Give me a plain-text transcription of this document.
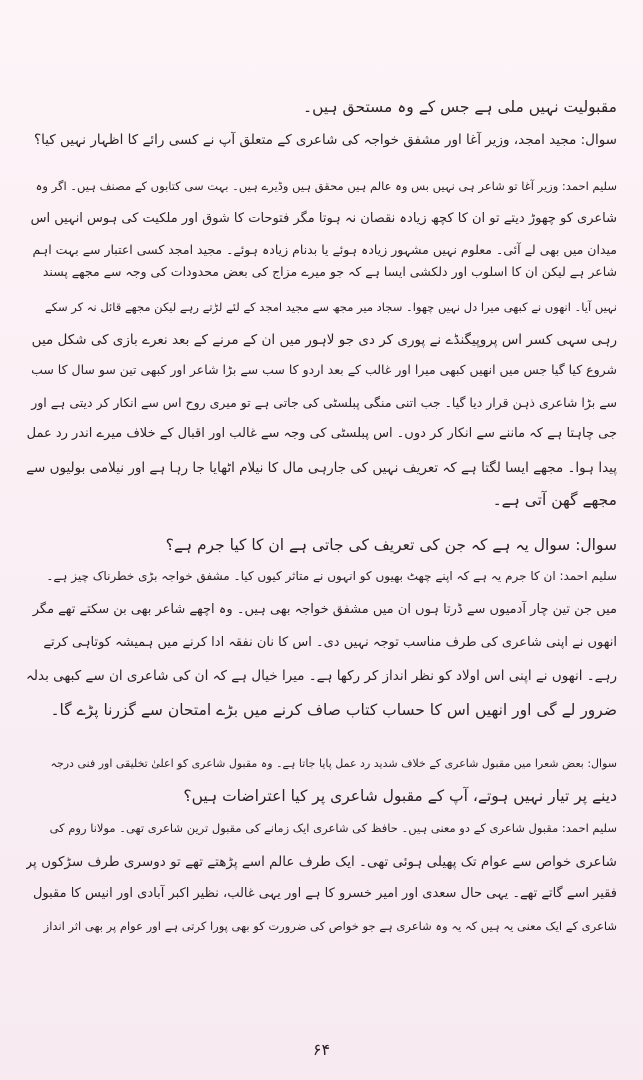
مقبولیت نہیں ملی ہے جس کے وہ مستحق ہیں۔
سوال: مجید امجد، وزیر آغا اور مشفق خواجہ کی شاعری کے متعلق آپ نے کسی رائے کا اظہار نہیں کیا؟
سلیم احمد: وزیر آغا تو شاعر ہی نہیں بس وہ عالم ہیں محقق ہیں وڈیرے ہیں۔ بہت سی کتابوں کے مصنف ہیں۔ اگر وہ
شاعری کو چھوڑ دیتے تو ان کا کچھ زیادہ نقصان نہ ہوتا مگر فتوحات کا شوق اور ملکیت کی ہوس انہیں اس
میدان میں بھی لے آئی۔ معلوم نہیں مشہور زیادہ ہوئے یا بدنام زیادہ ہوئے۔ مجید امجد کسی اعتبار سے بہت اہم
شاعر ہے لیکن ان کا اسلوب اور دلکشی ایسا ہے کہ جو میرے مزاج کی بعض محدودات کی وجہ سے مجھے پسند
نہیں آیا۔ انھوں نے کبھی میرا دل نہیں چھوا۔ سجاد میر مجھ سے مجید امجد کے لئے لڑتے رہے لیکن مجھے قائل نہ کر سکے
رہی سہی کسر اس پروپیگنڈے نے پوری کر دی جو لاہور میں ان کے مرنے کے بعد نعرے بازی کی شکل میں
شروع کیا گیا جس میں انھیں کبھی میرا اور غالب کے بعد اردو کا سب سے بڑا شاعر اور کبھی تین سو سال کا سب
سے بڑا شاعری ذہن قرار دیا گیا۔ جب اتنی منگی پبلسٹی کی جاتی ہے تو میری روح اس سے انکار کر دیتی ہے اور
جی چاہتا ہے کہ ماننے سے انکار کر دوں۔ اس پبلسٹی کی وجہ سے غالب اور اقبال کے خلاف میرے اندر رد عمل
پیدا ہوا۔ مجھے ایسا لگتا ہے کہ تعریف نہیں کی جارہی مال کا نیلام اٹھایا جا رہا ہے اور نیلامی بولیوں سے
مجھے گھن آتی ہے۔
سوال: سوال یہ ہے کہ جن کی تعریف کی جاتی ہے ان کا کیا جرم ہے؟
سلیم احمد: ان کا جرم یہ ہے کہ اپنے چھٹ بھیوں کو انہوں نے متاثر کیوں کیا۔ مشفق خواجہ بڑی خطرناک چیز ہے۔
میں جن تین چار آدمیوں سے ڈرتا ہوں ان میں مشفق خواجہ بھی ہیں۔ وہ اچھے شاعر بھی بن سکتے تھے مگر
انھوں نے اپنی شاعری کی طرف مناسب توجہ نہیں دی۔ اس کا نان نفقہ ادا کرنے میں ہمیشہ کوتاہی کرتے
رہے۔ انھوں نے اپنی اس اولاد کو نظر انداز کر رکھا ہے۔ میرا خیال ہے کہ ان کی شاعری ان سے کبھی بدلہ
ضرور لے گی اور انھیں اس کا حساب کتاب صاف کرنے میں بڑے امتحان سے گزرنا پڑے گا۔
سوال: بعض شعرا میں مقبول شاعری کے خلاف شدید رد عمل پایا جاتا ہے۔ وہ مقبول شاعری کو اعلیٰ تخلیقی اور فنی درجہ
دینے پر تیار نہیں ہوتے، آپ کے مقبول شاعری پر کیا اعتراضات ہیں؟
سلیم احمد: مقبول شاعری کے دو معنی ہیں۔ حافظ کی شاعری ایک زمانے کی مقبول ترین شاعری تھی۔ مولانا روم کی
شاعری خواص سے عوام تک پھیلی ہوئی تھی۔ ایک طرف عالم اسے پڑھتے تھے تو دوسری طرف سڑکوں پر
فقیر اسے گاتے تھے۔ یہی حال سعدی اور امیر خسرو کا ہے اور یہی غالب، نظیر اکبر آبادی اور انیس کا مقبول
شاعری کے ایک معنی یہ ہیں کہ یہ وہ شاعری ہے جو خواص کی ضرورت کو بھی پورا کرتی ہے اور عوام پر بھی اثر انداز
۶۴
